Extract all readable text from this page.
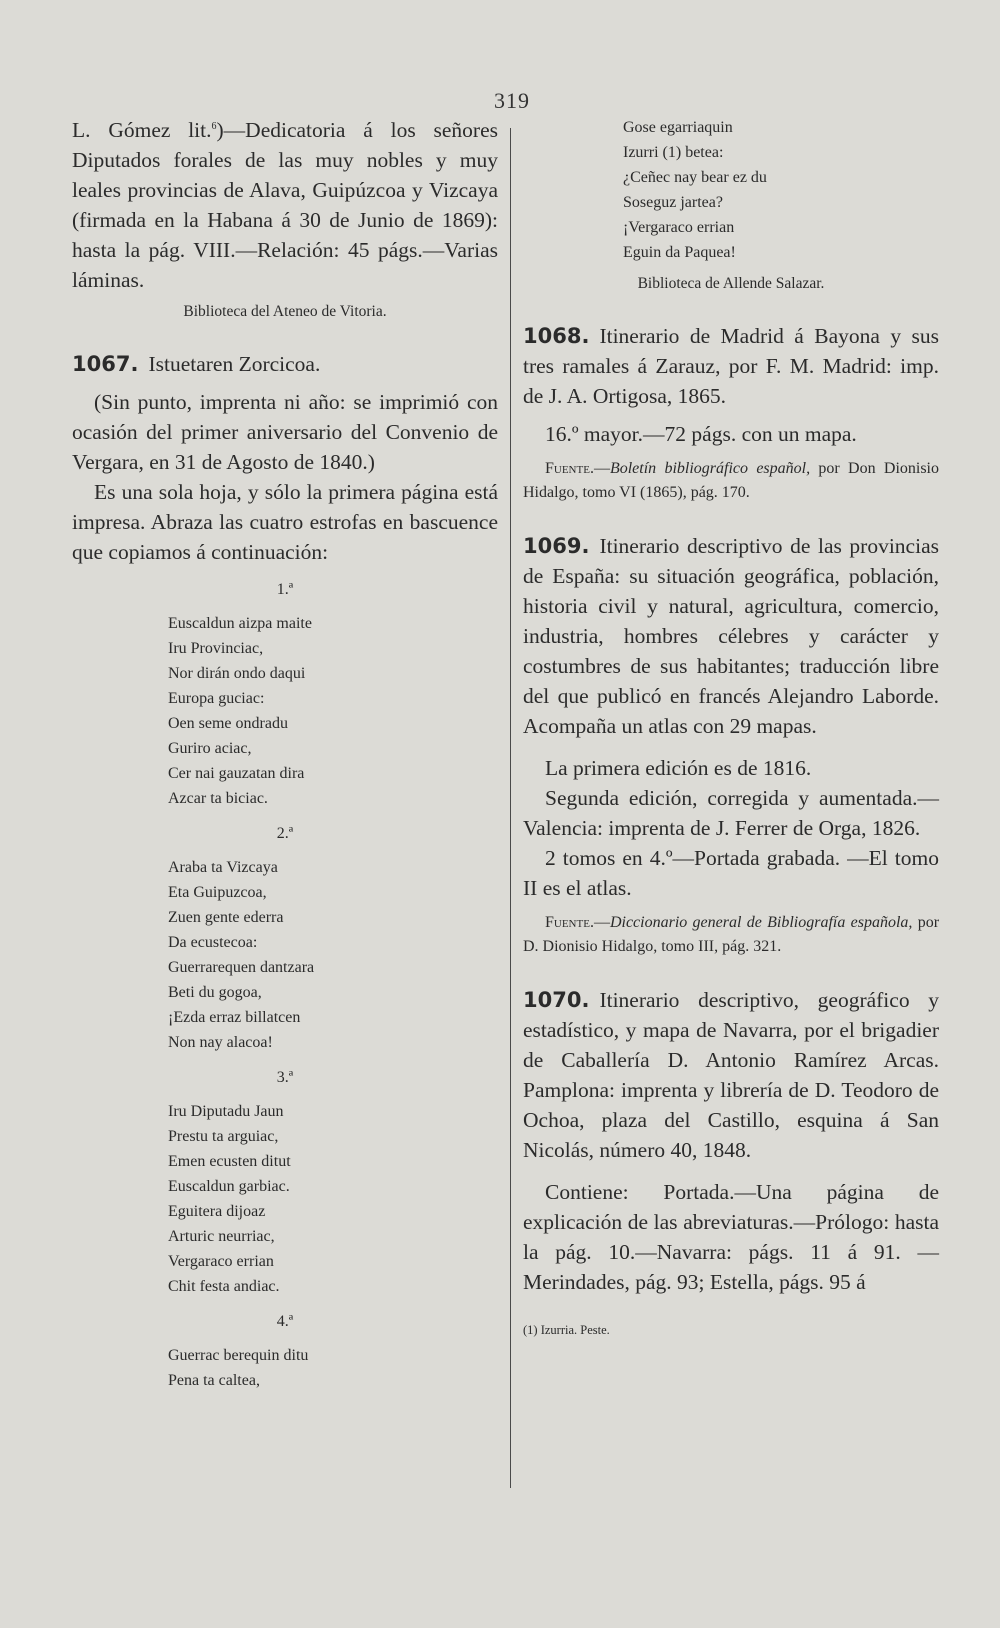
319

L. Gómez lit.$^6$)—Dedicatoria á los señores Diputados forales de las muy nobles y muy leales provincias de Alava, Guipúzcoa y Vizcaya (firmada en la Habana á 30 de Junio de 1869): hasta la pág. VIII.—Relación: 45 págs.—Varias láminas.

Biblioteca del Ateneo de Vitoria.

1067. Istuetaren Zorcicoa.

(Sin punto, imprenta ni año: se imprimió con ocasión del primer aniversario del Convenio de Vergara, en 31 de Agosto de 1840.)

Es una sola hoja, y sólo la primera página está impresa. Abraza las cuatro estrofas en bascuence que copiamos á continuación:

1.ª
Euscaldun aizpa maite
Iru Provinciac,
Nor dirán ondo daqui
Europa guciac:
Oen seme ondradu
Guriro aciac,
Cer nai gauzatan dira
Azcar ta biciac.
2.ª
Araba ta Vizcaya
Eta Guipuzcoa,
Zuen gente ederra
Da ecustecoa:
Guerrarequen dantzara
Beti du gogoa,
¡Ezda erraz billatcen
Non nay alacoa!
3.ª
Iru Diputadu Jaun
Prestu ta arguiac,
Emen ecusten ditut
Euscaldun garbiac.
Eguitera dijoaz
Arturic neurriac,
Vergaraco errian
Chit festa andiac.
4.ª
Guerrac berequin ditu
Pena ta caltea,
Gose egarriaquin
Izurri (1) betea:
¿Ceñec nay bear ez du
Soseguz jartea?
¡Vergaraco errian
Eguin da Paquea!

Biblioteca de Allende Salazar.

1068. Itinerario de Madrid á Bayona y sus tres ramales á Zarauz, por F. M. Madrid: imp. de J. A. Ortigosa, 1865.

16.º mayor.—72 págs. con un mapa.

Fuente.—Boletín bibliográfico español, por Don Dionisio Hidalgo, tomo VI (1865), pág. 170.

1069. Itinerario descriptivo de las provincias de España: su situación geográfica, población, historia civil y natural, agricultura, comercio, industria, hombres célebres y carácter y costumbres de sus habitantes; traducción libre del que publicó en francés Alejandro Laborde. Acompaña un atlas con 29 mapas.

La primera edición es de 1816.

Segunda edición, corregida y aumentada.—Valencia: imprenta de J. Ferrer de Orga, 1826.

2 tomos en 4.º—Portada grabada. —El tomo II es el atlas.

Fuente.—Diccionario general de Bibliografía española, por D. Dionisio Hidalgo, tomo III, pág. 321.

1070. Itinerario descriptivo, geográfico y estadístico, y mapa de Navarra, por el brigadier de Caballería D. Antonio Ramírez Arcas. Pamplona: imprenta y librería de D. Teodoro de Ochoa, plaza del Castillo, esquina á San Nicolás, número 40, 1848.

Contiene: Portada.—Una página de explicación de las abreviaturas.—Prólogo: hasta la pág. 10.—Navarra: págs. 11 á 91. —Merindades, pág. 93; Estella, págs. 95 á

(1) Izurria. Peste.
